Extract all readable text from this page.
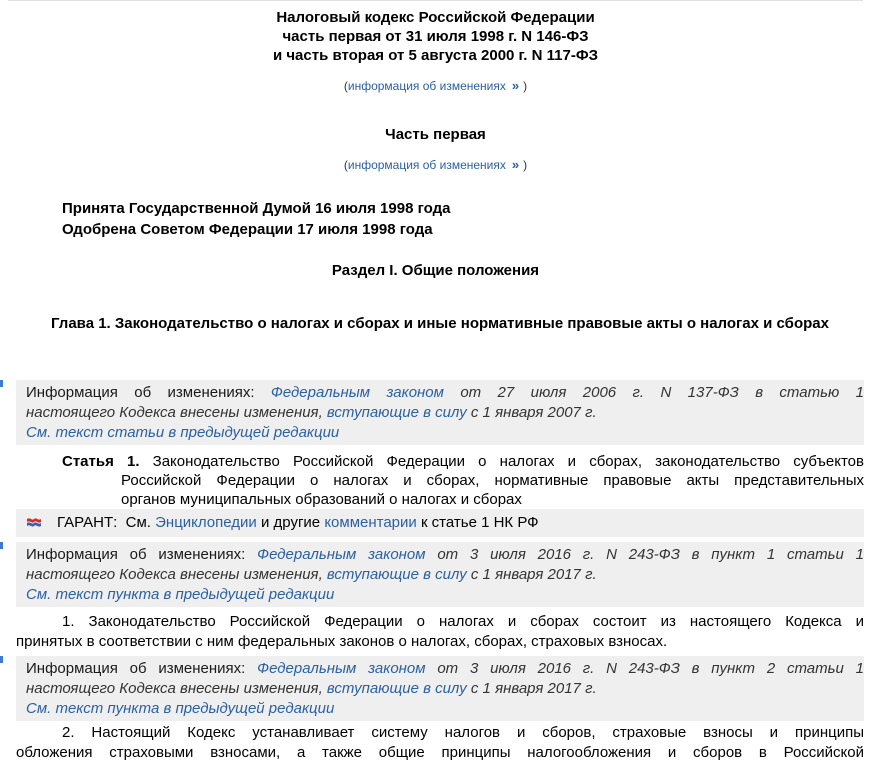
Налоговый кодекс Российской Федерации
часть первая от 31 июля 1998 г. N 146-ФЗ
и часть вторая от 5 августа 2000 г. N 117-ФЗ
(информация об изменениях » )
Часть первая
(информация об изменениях » )
Принята Государственной Думой 16 июля 1998 года
Одобрена Советом Федерации 17 июля 1998 года
Раздел I. Общие положения
Глава 1. Законодательство о налогах и сборах и иные нормативные правовые акты о налогах и сборах
Информация об изменениях: Федеральным законом от 27 июля 2006 г. N 137-ФЗ в статью 1
настоящего Кодекса внесены изменения, вступающие в силу с 1 января 2007 г.
См. текст статьи в предыдущей редакции
Статья 1. Законодательство Российской Федерации о налогах и сборах, законодательство субъектов
Российской Федерации о налогах и сборах, нормативные правовые акты представительных
органов муниципальных образований о налогах и сборах
ГАРАНТ: См. Энциклопедии и другие комментарии к статье 1 НК РФ
Информация об изменениях: Федеральным законом от 3 июля 2016 г. N 243-ФЗ в пункт 1 статьи 1
настоящего Кодекса внесены изменения, вступающие в силу с 1 января 2017 г.
См. текст пункта в предыдущей редакции
1. Законодательство Российской Федерации о налогах и сборах состоит из настоящего Кодекса и
принятых в соответствии с ним федеральных законов о налогах, сборах, страховых взносах.
Информация об изменениях: Федеральным законом от 3 июля 2016 г. N 243-ФЗ в пункт 2 статьи 1
настоящего Кодекса внесены изменения, вступающие в силу с 1 января 2017 г.
См. текст пункта в предыдущей редакции
2. Настоящий Кодекс устанавливает систему налогов и сборов, страховые взносы и принципы
обложения страховыми взносами, а также общие принципы налогообложения и сборов в Российской
